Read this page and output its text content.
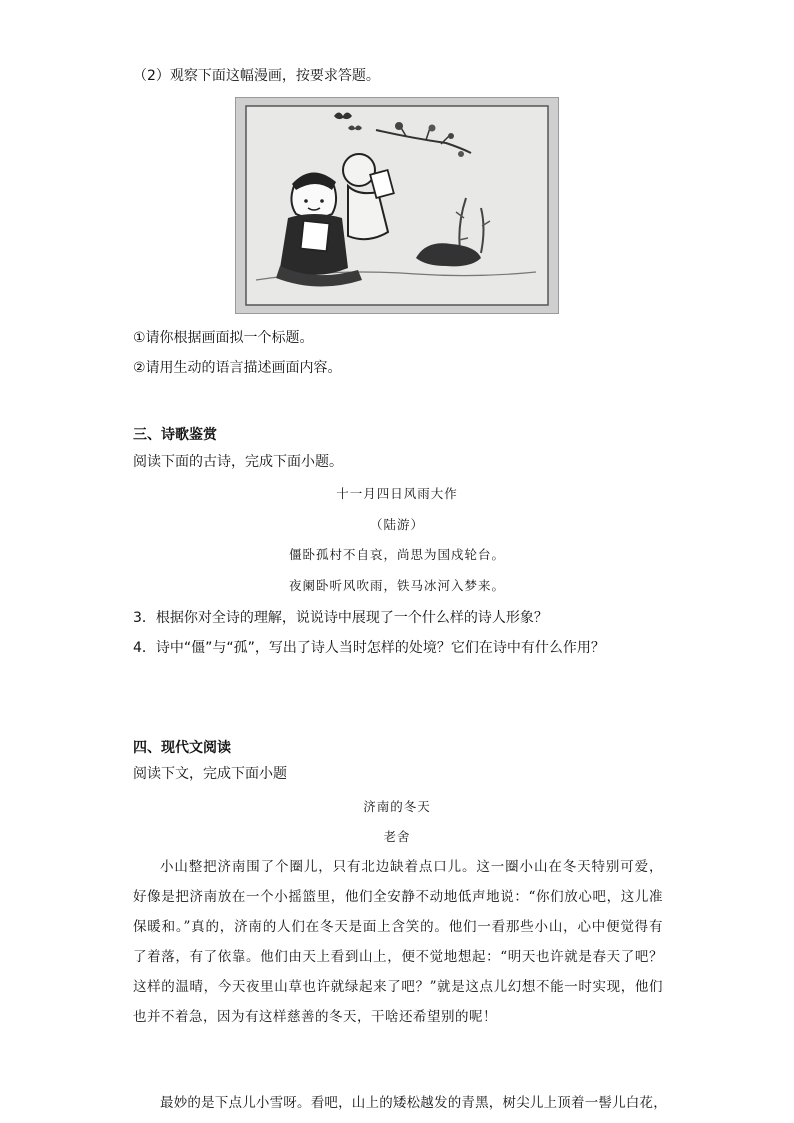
（2）观察下面这幅漫画，按要求答题。
①请你根据画面拟一个标题。
②请用生动的语言描述画面内容。
三、诗歌鉴赏
阅读下面的古诗，完成下面小题。
十一月四日风雨大作
（陆游）
僵卧孤村不自哀，尚思为国戍轮台。
夜阑卧听风吹雨，铁马冰河入梦来。
3．根据你对全诗的理解，说说诗中展现了一个什么样的诗人形象？
4．诗中“僵”与“孤”，写出了诗人当时怎样的处境？它们在诗中有什么作用？
四、现代文阅读
阅读下文，完成下面小题
济南的冬天
老舍

小山整把济南围了个圈儿，只有北边缺着点口儿。这一圈小山在冬天特别可爱，好像是把济南放在一个小摇篮里，他们全安静不动地低声地说：“你们放心吧，这儿准保暖和。”真的，济南的人们在冬天是面上含笑的。他们一看那些小山，心中便觉得有了着落，有了依靠。他们由天上看到山上，便不觉地想起：“明天也许就是春天了吧？这样的温晴，今天夜里山草也许就绿起来了吧？”就是这点儿幻想不能一时实现，他们也并不着急，因为有这样慈善的冬天，干啥还希望别的呢！

最妙的是下点儿小雪呀。看吧，山上的矮松越发的青黑，树尖儿上顶着一髻儿白花，
